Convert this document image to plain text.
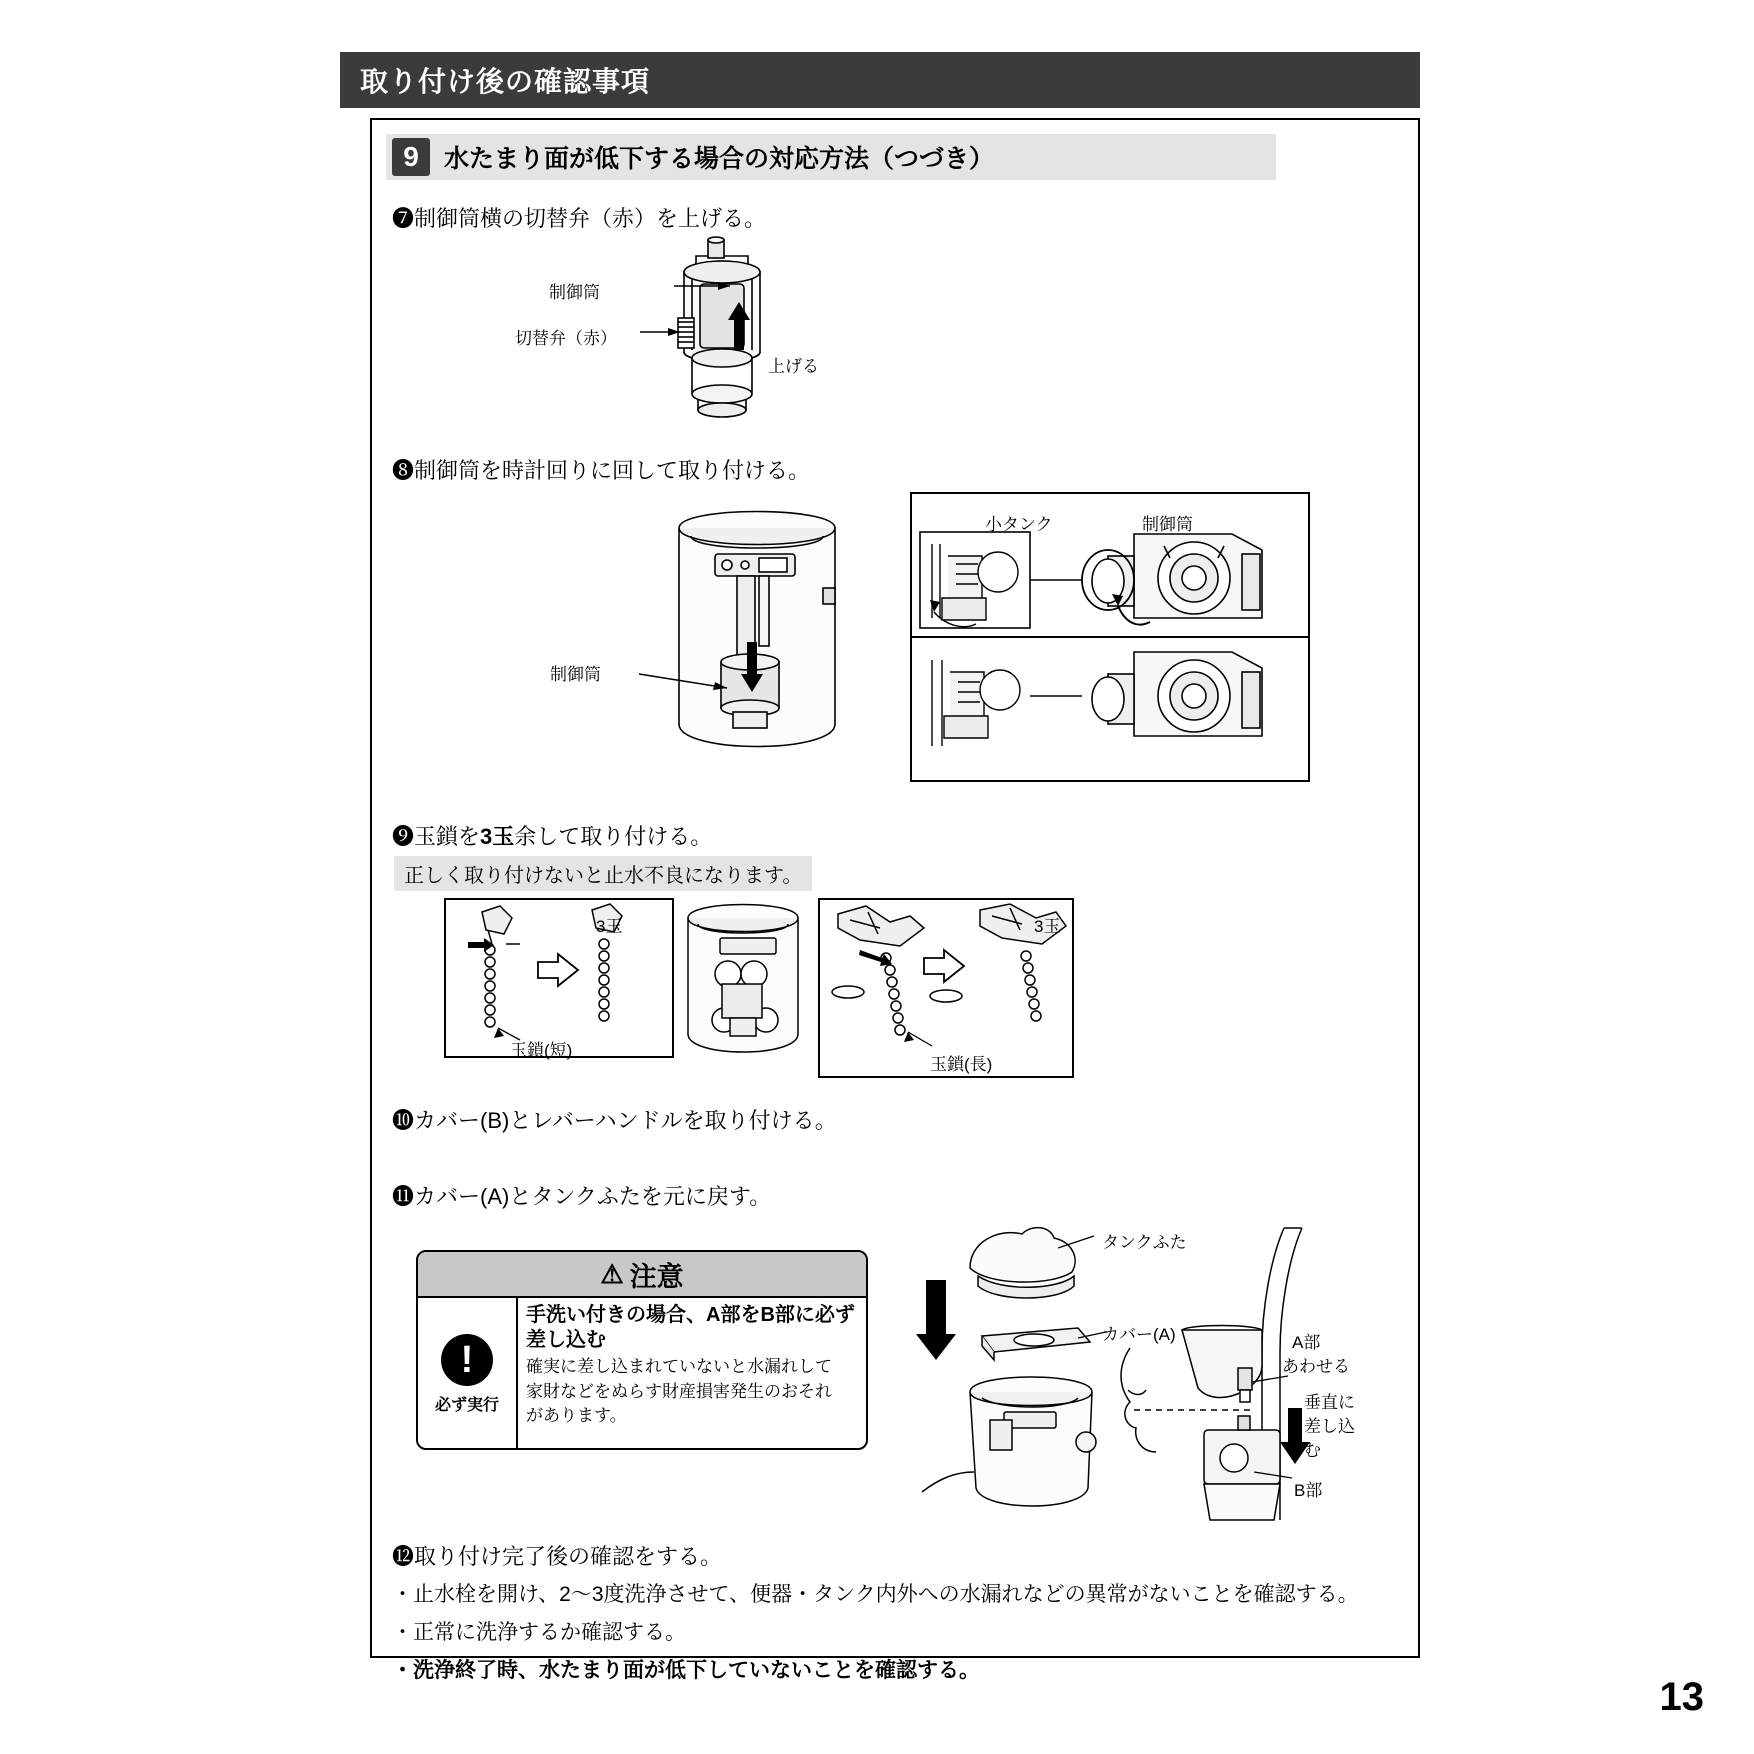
取り付け後の確認事項
9	水たまり面が低下する場合の対応方法（つづき）
❼制御筒横の切替弁（赤）を上げる。
制御筒
切替弁（赤）
上げる
❽制御筒を時計回りに回して取り付ける。
制御筒
小タンク	制御筒
❾玉鎖を3玉余して取り付ける。
正しく取り付けないと止水不良になります。
3玉
玉鎖(短)
3玉
玉鎖(長)
❿カバー(B)とレバーハンドルを取り付ける。
⓫カバー(A)とタンクふたを元に戻す。
⚠ 注意
!
必ず実行
手洗い付きの場合、A部をB部に必ず
差し込む
確実に差し込まれていないと水漏れして
家財などをぬらす財産損害発生のおそれ
があります。
タンクふた
カバー(A)	A部
あわせる
垂直に
差し込
む
B部
⓬取り付け完了後の確認をする。
・止水栓を開け、2〜3度洗浄させて、便器・タンク内外への水漏れなどの異常がないことを確認する。
・正常に洗浄するか確認する。
・洗浄終了時、水たまり面が低下していないことを確認する。
13
